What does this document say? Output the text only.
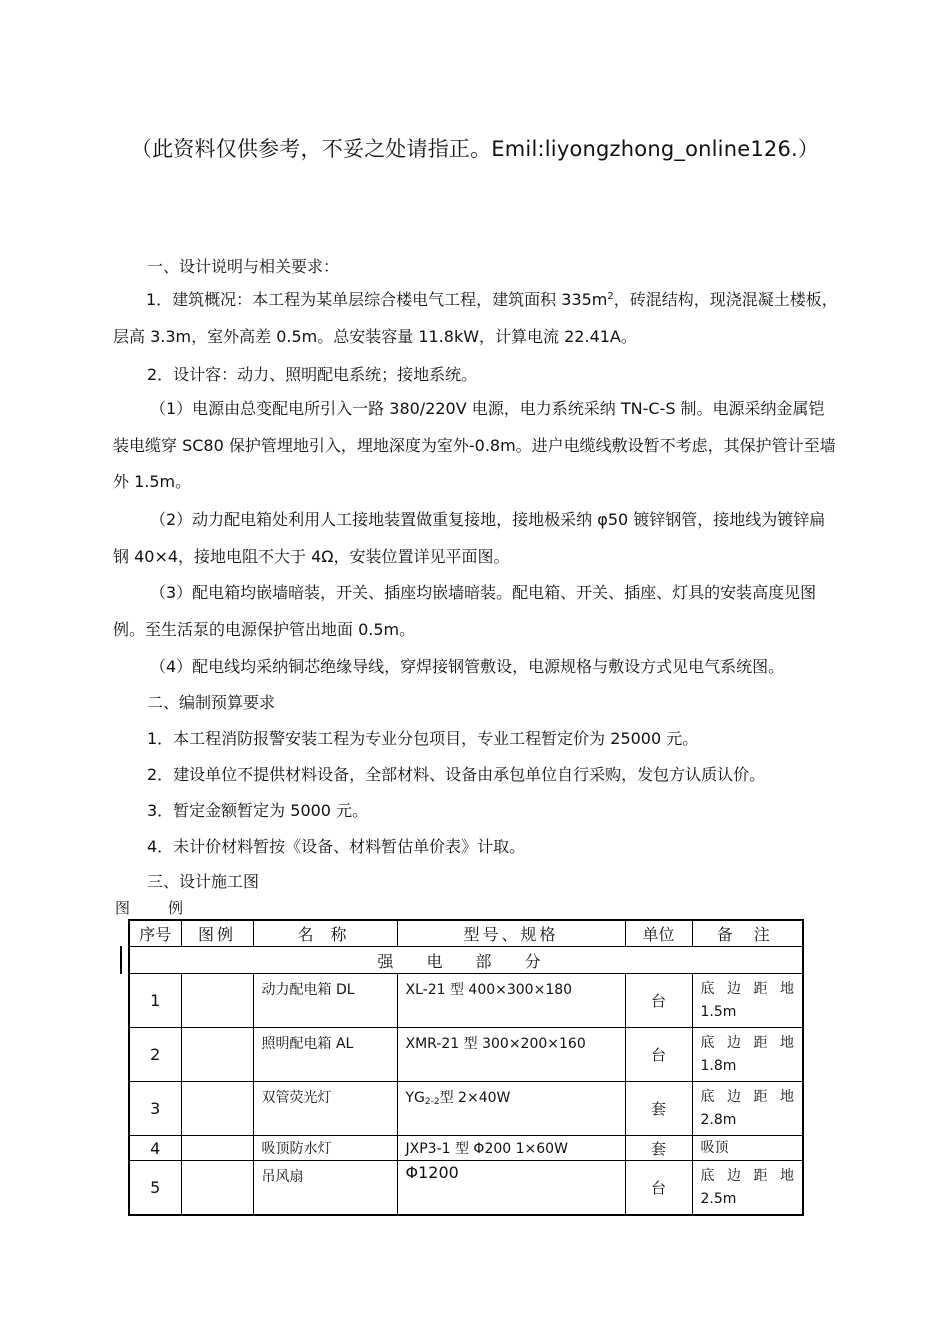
（此资料仅供参考，不妥之处请指正。Emil:liyongzhong_online126.）
一、设计说明与相关要求：
1．建筑概况：本工程为某单层综合楼电气工程，建筑面积 $335m^2$，砖混结构，现浇混凝土楼板，层高 3.3m，室外高差 0.5m。总安装容量 11.8kW，计算电流 22.41A。
2．设计容：动力、照明配电系统；接地系统。
（1）电源由总变配电所引入一路 380/220V 电源，电力系统采纳 TN-C-S 制。电源采纳金属铠装电缆穿 SC80 保护管埋地引入，埋地深度为室外-0.8m。进户电缆线敷设暂不考虑，其保护管计至墙外 1.5m。
（2）动力配电箱处利用人工接地装置做重复接地，接地极采纳 φ50 镀锌钢管，接地线为镀锌扁钢 40×4，接地电阻不大于 4Ω，安装位置详见平面图。
（3）配电箱均嵌墙暗装，开关、插座均嵌墙暗装。配电箱、开关、插座、灯具的安装高度见图例。至生活泵的电源保护管出地面 0.5m。
（4）配电线均采纳铜芯绝缘导线，穿焊接钢管敷设，电源规格与敷设方式见电气系统图。
二、编制预算要求
1．本工程消防报警安装工程为专业分包项目，专业工程暂定价为 25000 元。
2．建设单位不提供材料设备，全部材料、设备由承包单位自行采购，发包方认质认价。
3．暂定金额暂定为 5000 元。
4．未计价材料暂按《设备、材料暂估单价表》计取。
三、设计施工图
图	例
序号	图例	名 称	型号、规格	单位	备 注

强 电 部 分					
1		动力配电箱 DL	XL-21 型 400×300×180	台	底 边 距 地
1.5m

2		照明配电箱 AL	XMR-21 型 300×200×160	台	底 边 距 地
1.8m

3		双管荧光灯	$YG_{2-2}$型 2×40W	套	底 边 距 地
2.8m

4		吸顶防水灯	JXP3-1 型 Φ200 1×60W	套	吸顶
5		吊风扇	Φ1200	台	底 边 距 地
2.5m
